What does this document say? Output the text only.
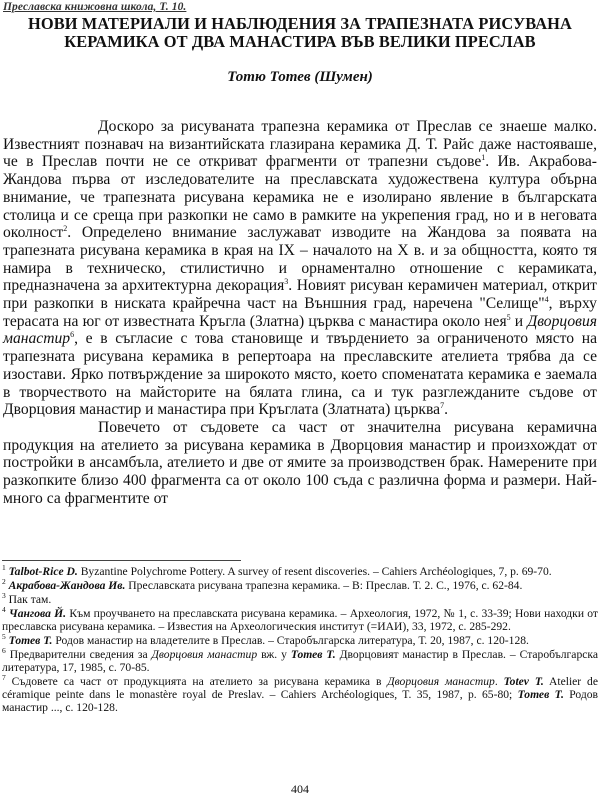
Преславска книжовна школа, Т. 10.
НОВИ МАТЕРИАЛИ И НАБЛЮДЕНИЯ ЗА ТРАПЕЗНАТА РИСУВАНА
КЕРАМИКА ОТ ДВА МАНАСТИРА ВЪВ ВЕЛИКИ ПРЕСЛАВ
Тотю Тотев (Шумен)

Доскоро за рисуваната трапезна керамика от Преслав се знаеше малко. Известният познавач на византийската глазирана керамика Д. Т. Райс даже настояваше, че в Преслав почти не се откриват фрагменти от трапезни съдове$^1$. Ив. Акрабова-Жандова първа от изследователите на преславската художествена култура обърна внимание, че трапезната рисувана керамика не е изолирано явление в българската столица и се среща при разкопки не само в рамките на укрепения град, но и в неговата околност$^2$. Определено внимание заслужават изводите на Жандова за появата на трапезната рисувана керамика в края на IX – началото на X в. и за общността, която тя намира в техническо, стилистично и орнаментално отношение с керамиката, предназначена за архитектурна декорация$^3$. Новият рисуван керамичен материал, открит при разкопки в ниската крайречна част на Външния град, наречена "Селище"$^4$, върху терасата на юг от известната Кръгла (Златна) църква с манастира около нея$^5$ и Дворцовия манастир$^6$, е в съгласие с това становище и твърдението за ограниченото място на трапезната рисувана керамика в репертоара на преславските ателиета трябва да се изостави. Ярко потвърждение за широкото място, което споменатата керамика е заемала в творчеството на майсторите на бялата глина, са и тук разглежданите съдове от Дворцовия манастир и манастира при Кръглата (Златната) църква$^7$.

Повечето от съдовете са част от значителна рисувана керамична продукция на ателието за рисувана керамика в Дворцовия манастир и произхождат от постройки в ансамбъла, ателието и две от ямите за производствен брак. Намерените при разкопките близо 400 фрагмента са от около 100 съда с различна форма и размери. Най-много са фрагментите от

$^1$ Talbot-Rice D. Byzantine Polychrome Pottery. A survey of resent discoveries. – Cahiers Archéologiques, 7, p. 69-70.
$^2$ Акрабова-Жандова Ив. Преславската рисувана трапезна керамика. – В: Преслав. Т. 2. С., 1976, с. 62-84.
$^3$ Пак там.
$^4$ Чангова Й. Към проучването на преславската рисувана керамика. – Археология, 1972, № 1, с. 33-39; Нови находки от преславска рисувана керамика. – Известия на Археологическия институт (=ИАИ), 33, 1972, с. 285-292.
$^5$ Тотев Т. Родов манастир на владетелите в Преслав. – Старобългарска литература, Т. 20, 1987, с. 120-128.
$^6$ Предварителни сведения за Дворцовия манастир вж. у Тотев Т. Дворцовият манастир в Преслав. – Старобългарска литература, 17, 1985, с. 70-85.
$^7$ Съдовете са част от продукцията на ателието за рисувана керамика в Дворцовия манастир. Totev T. Atelier de céramique peinte dans le monastère royal de Preslav. – Cahiers Archéologiques, T. 35, 1987, p. 65-80; Тотев Т. Родов манастир ..., с. 120-128.
404
